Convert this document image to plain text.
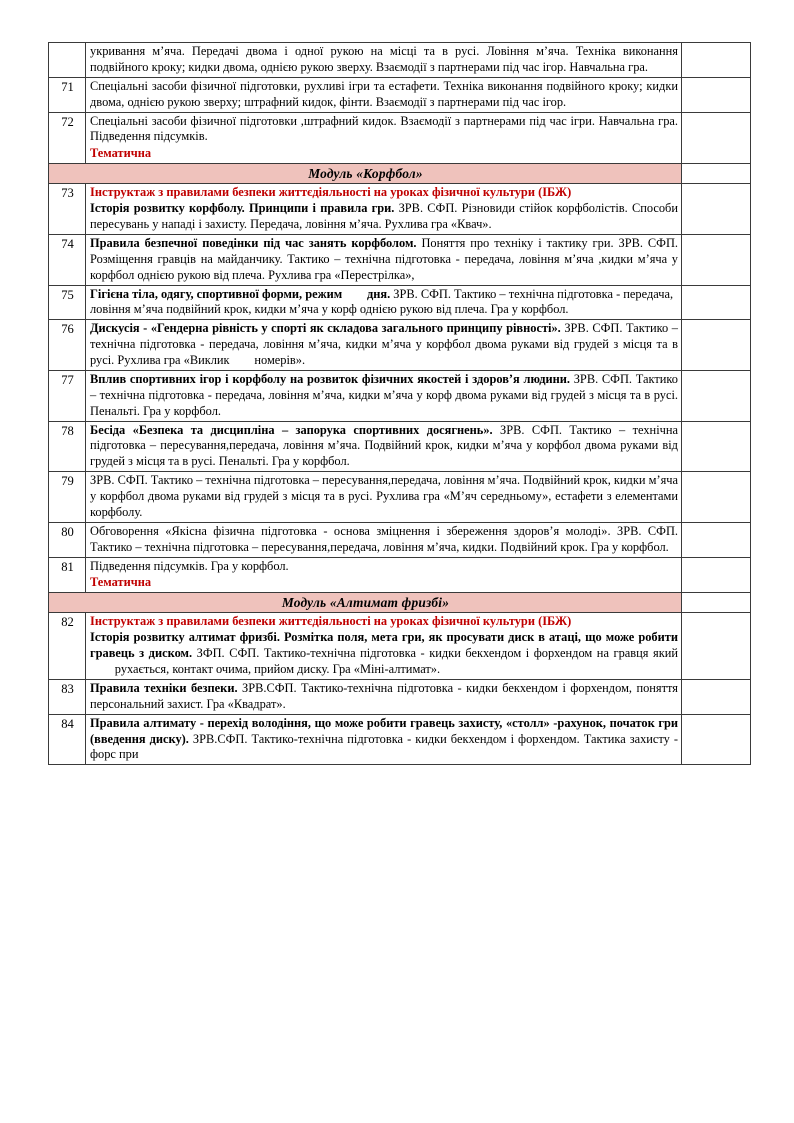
	укривання м’яча. Передачі двома і одної рукою на місці та в русі. Ловіння м’яча. Техніка виконання подвійного кроку; кидки двома, однією рукою зверху. Взаємодії з партнерами під час ігор. Навчальна гра.	
71	Спеціальні засоби фізичної підготовки, рухливі ігри та естафети. Техніка виконання подвійного кроку; кидки двома, однією рукою зверху; штрафний кидок, фінти. Взаємодії з партнерами під час ігор.	
72	Спеціальні засоби фізичної підготовки ,штрафний кидок. Взаємодії з партнерами під час ігри. Навчальна гра. Підведення підсумків.
Тематична	

Модуль «Корфбол»		
73	Інструктаж з правилами безпеки життєдіяльності на уроках фізичної культури (ІБЖ)
Історія розвитку корфболу. Принципи і правила гри. ЗРВ. СФП. Різновиди стійок корфболістів. Способи пересувань у нападі і захисту. Передача, ловіння м’яча. Рухлива гра «Квач».	
74	Правила безпечної поведінки під час занять корфболом. Поняття про техніку і тактику гри. ЗРВ. СФП. Розміщення гравців на майданчику. Тактико – технічна підготовка - передача, ловіння м’яча ,кидки м’яча у корфбол однією рукою від плеча. Рухлива гра «Перестрілка»,	
75	Гігієна тіла, одягу, спортивної форми, режим дня. ЗРВ. СФП. Тактико – технічна підготовка - передача, ловіння м’яча подвійний крок, кидки м’яча у корф однією рукою від плеча. Гра у корфбол.	
76	Дискусія - «Гендерна рівність у спорті як складова загального принципу рівності». ЗРВ. СФП. Тактико – технічна підготовка - передача, ловіння м’яча, кидки м’яча у корфбол двома руками від грудей з місця та в русі. Рухлива гра «Виклик номерів».	
77	Вплив спортивних ігор і корфболу на розвиток фізичних якостей і здоров’я людини. ЗРВ. СФП. Тактико – технічна підготовка - передача, ловіння м’яча, кидки м’яча у корф двома руками від грудей з місця та в русі. Пенальті. Гра у корфбол.	
78	Бесіда «Безпека та дисципліна – запорука спортивних досягнень». ЗРВ. СФП. Тактико – технічна підготовка – пересування,передача, ловіння м’яча. Подвійний крок, кидки м’яча у корфбол двома руками від грудей з місця та в русі. Пенальті. Гра у корфбол.	
79	ЗРВ. СФП. Тактико – технічна підготовка – пересування,передача, ловіння м’яча. Подвійний крок, кидки м’яча у корфбол двома руками від грудей з місця та в русі. Рухлива гра «М’яч середньому», естафети з елементами корфболу.	
80	Обговорення «Якісна фізична підготовка - основа зміцнення і збереження здоров’я молоді». ЗРВ. СФП. Тактико – технічна підготовка – пересування,передача, ловіння м’яча, кидки. Подвійний крок. Гра у корфбол.	
81	Підведення підсумків. Гра у корфбол.
Тематична	

Модуль «Алтимат фризбі»		
82	Інструктаж з правилами безпеки життєдіяльності на уроках фізичної культури (ІБЖ)
Історія розвитку алтимат фризбі. Розмітка поля, мета гри, як просувати диск в атаці, що може робити гравець з диском. ЗФП. СФП. Тактико-технічна підготовка - кидки бекхендом і форхендом на гравця який        рухається, контакт очима, прийом диску. Гра «Міні-алтимат».	
83	Правила техніки безпеки. ЗРВ.СФП. Тактико-технічна підготовка - кидки бекхендом і форхендом, поняття персональний захист. Гра «Квадрат».	
84	Правила алтимату - перехід володіння, що може робити гравець захисту, «столл» -рахунок, початок гри (введення диску). ЗРВ.СФП. Тактико-технічна підготовка - кидки бекхендом і форхендом. Тактика захисту - форс при	
